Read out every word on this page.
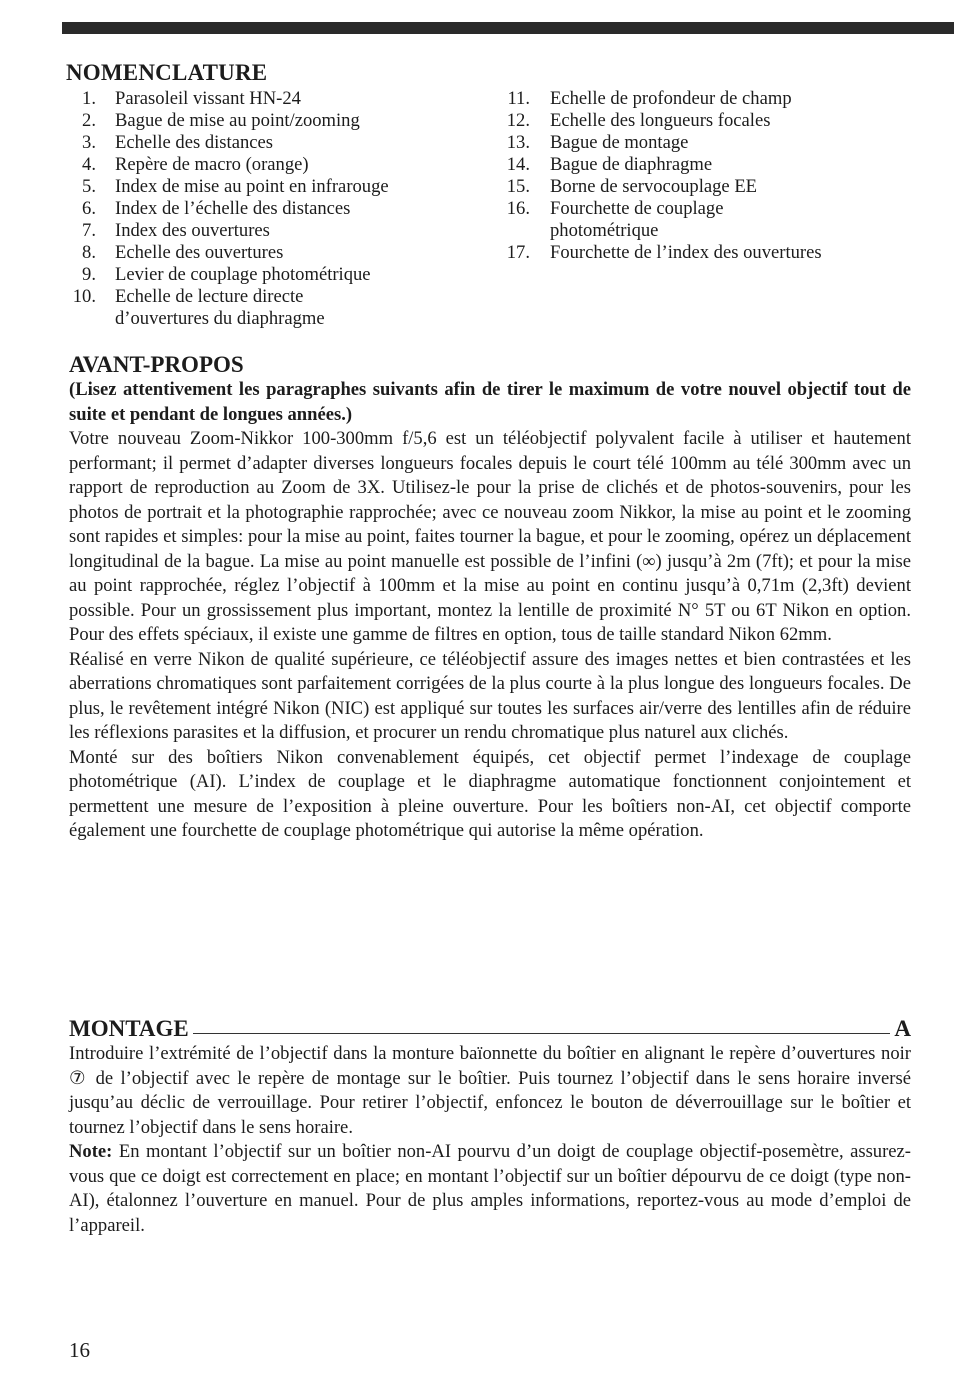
NOMENCLATURE
1.	Parasoleil vissant HN-24
2.	Bague de mise au point/zooming
3.	Echelle des distances
4.	Repère de macro (orange)
5.	Index de mise au point en infrarouge
6.	Index de l’échelle des distances
7.	Index des ouvertures
8.	Echelle des ouvertures
9.	Levier de couplage photométrique
10.	Echelle de lecture directe
d’ouvertures du diaphragme
11.	Echelle de profondeur de champ
12.	Echelle des longueurs focales
13.	Bague de montage
14.	Bague de diaphragme
15.	Borne de servocouplage EE
16.	Fourchette de couplage
photométrique
17.	Fourchette de l’index des ouvertures
AVANT-PROPOS
(Lisez attentivement les paragraphes suivants afin de tirer le maximum de votre nouvel objectif tout de suite et pendant de longues années.)

Votre nouveau Zoom-Nikkor 100-300mm f/5,6 est un téléobjectif polyvalent facile à utiliser et hautement performant; il permet d’adapter diverses longueurs focales depuis le court télé 100mm au télé 300mm avec un rapport de reproduction au Zoom de 3X. Utilisez-le pour la prise de clichés et de photos-souvenirs, pour les photos de portrait et la photographie rapprochée; avec ce nouveau zoom Nikkor, la mise au point et le zooming sont rapides et simples: pour la mise au point, faites tourner la bague, et pour le zooming, opérez un déplacement longitudinal de la bague. La mise au point manuelle est possible de l’infini (∞) jusqu’à 2m (7ft); et pour la mise au point rapprochée, réglez l’objectif à 100mm et la mise au point en continu jusqu’à 0,71m (2,3ft) devient possible. Pour un grossissement plus important, montez la lentille de proximité N° 5T ou 6T Nikon en option. Pour des effets spéciaux, il existe une gamme de filtres en option, tous de taille standard Nikon 62mm.

Réalisé en verre Nikon de qualité supérieure, ce téléobjectif assure des images nettes et bien contrastées et les aberrations chromatiques sont parfaitement corrigées de la plus courte à la plus longue des longueurs focales. De plus, le revêtement intégré Nikon (NIC) est appliqué sur toutes les surfaces air/verre des lentilles afin de réduire les réflexions parasites et la diffusion, et procurer un rendu chromatique plus naturel aux clichés.

Monté sur des boîtiers Nikon convenablement équipés, cet objectif permet l’indexage de couplage photométrique (AI). L’index de couplage et le diaphragme automatique fonctionnent conjointement et permettent une mesure de l’exposition à pleine ouverture. Pour les boîtiers non-AI, cet objectif comporte également une fourchette de couplage photométrique qui autorise la même opération.

MONTAGE	A

Introduire l’extrémité de l’objectif dans la monture baïonnette du boîtier en alignant le repère d’ouvertures noir ⑦ de l’objectif avec le repère de montage sur le boîtier. Puis tournez l’objectif dans le sens horaire inversé jusqu’au déclic de verrouillage. Pour retirer l’objectif, enfoncez le bouton de déverrouillage sur le boîtier et tournez l’objectif dans le sens horaire.

Note: En montant l’objectif sur un boîtier non-AI pourvu d’un doigt de couplage objectif-posemètre, assurez-vous que ce doigt est correctement en place; en montant l’objectif sur un boîtier dépourvu de ce doigt (type non-AI), étalonnez l’ouverture en manuel. Pour de plus amples informations, reportez-vous au mode d’emploi de l’appareil.

16
